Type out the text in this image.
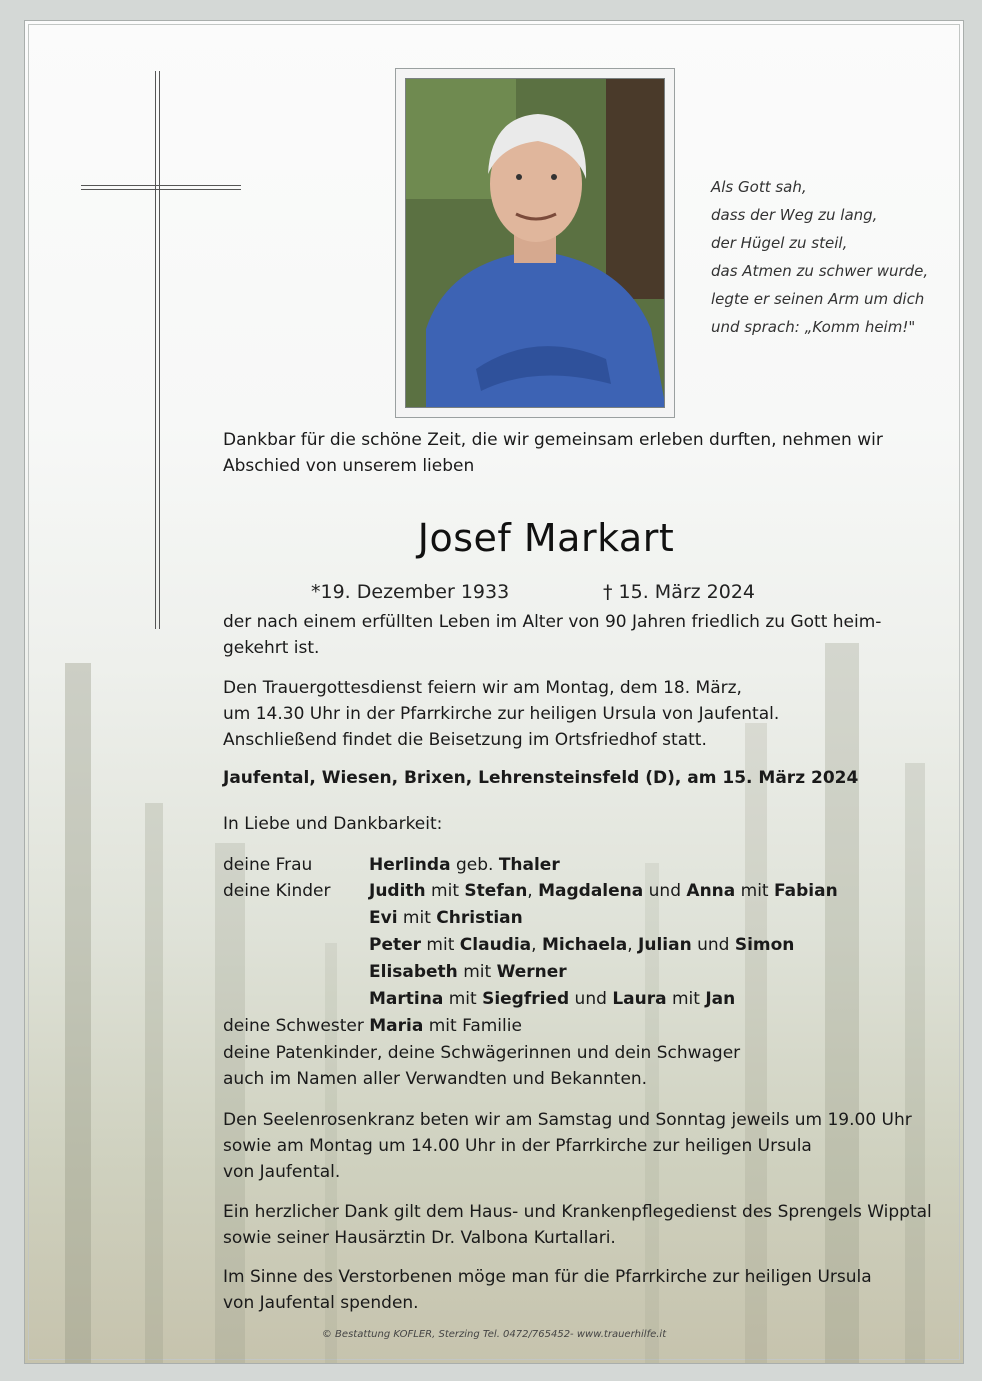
Als Gott sah,
dass der Weg zu lang,
der Hügel zu steil,
das Atmen zu schwer wurde,
legte er seinen Arm um dich
und sprach: „Komm heim!"

Dankbar für die schöne Zeit, die wir gemeinsam erleben durften, nehmen wir Abschied von unserem lieben

Josef Markart
*19. Dezember 1933	† 15. März 2024

der nach einem erfüllten Leben im Alter von 90 Jahren friedlich zu Gott heim-gekehrt ist.

Den Trauergottesdienst feiern wir am Montag, dem 18. März,

um 14.30 Uhr in der Pfarrkirche zur heiligen Ursula von Jaufental.

Anschließend findet die Beisetzung im Ortsfriedhof statt.

Jaufental, Wiesen, Brixen, Lehrensteinsfeld (D), am 15. März 2024
In Liebe und Dankbarkeit:
deine Frau	Herlinda geb. Thaler
deine Kinder Judith mit Stefan, Magdalena und Anna mit Fabian
Evi mit Christian
Peter mit Claudia, Michaela, Julian und Simon
Elisabeth mit Werner
Martina mit Siegfried und Laura mit Jan
deine Schwester Maria mit Familie
deine Patenkinder, deine Schwägerinnen und dein Schwager
auch im Namen aller Verwandten und Bekannten.

Den Seelenrosenkranz beten wir am Samstag und Sonntag jeweils um 19.00 Uhr

sowie am Montag um 14.00 Uhr in der Pfarrkirche zur heiligen Ursula

von Jaufental.

Ein herzlicher Dank gilt dem Haus- und Krankenpflegedienst des Sprengels Wipptal

sowie seiner Hausärztin Dr. Valbona Kurtallari.

Im Sinne des Verstorbenen möge man für die Pfarrkirche zur heiligen Ursula

von Jaufental spenden.

© Bestattung KOFLER, Sterzing Tel. 0472/765452- www.trauerhilfe.it
